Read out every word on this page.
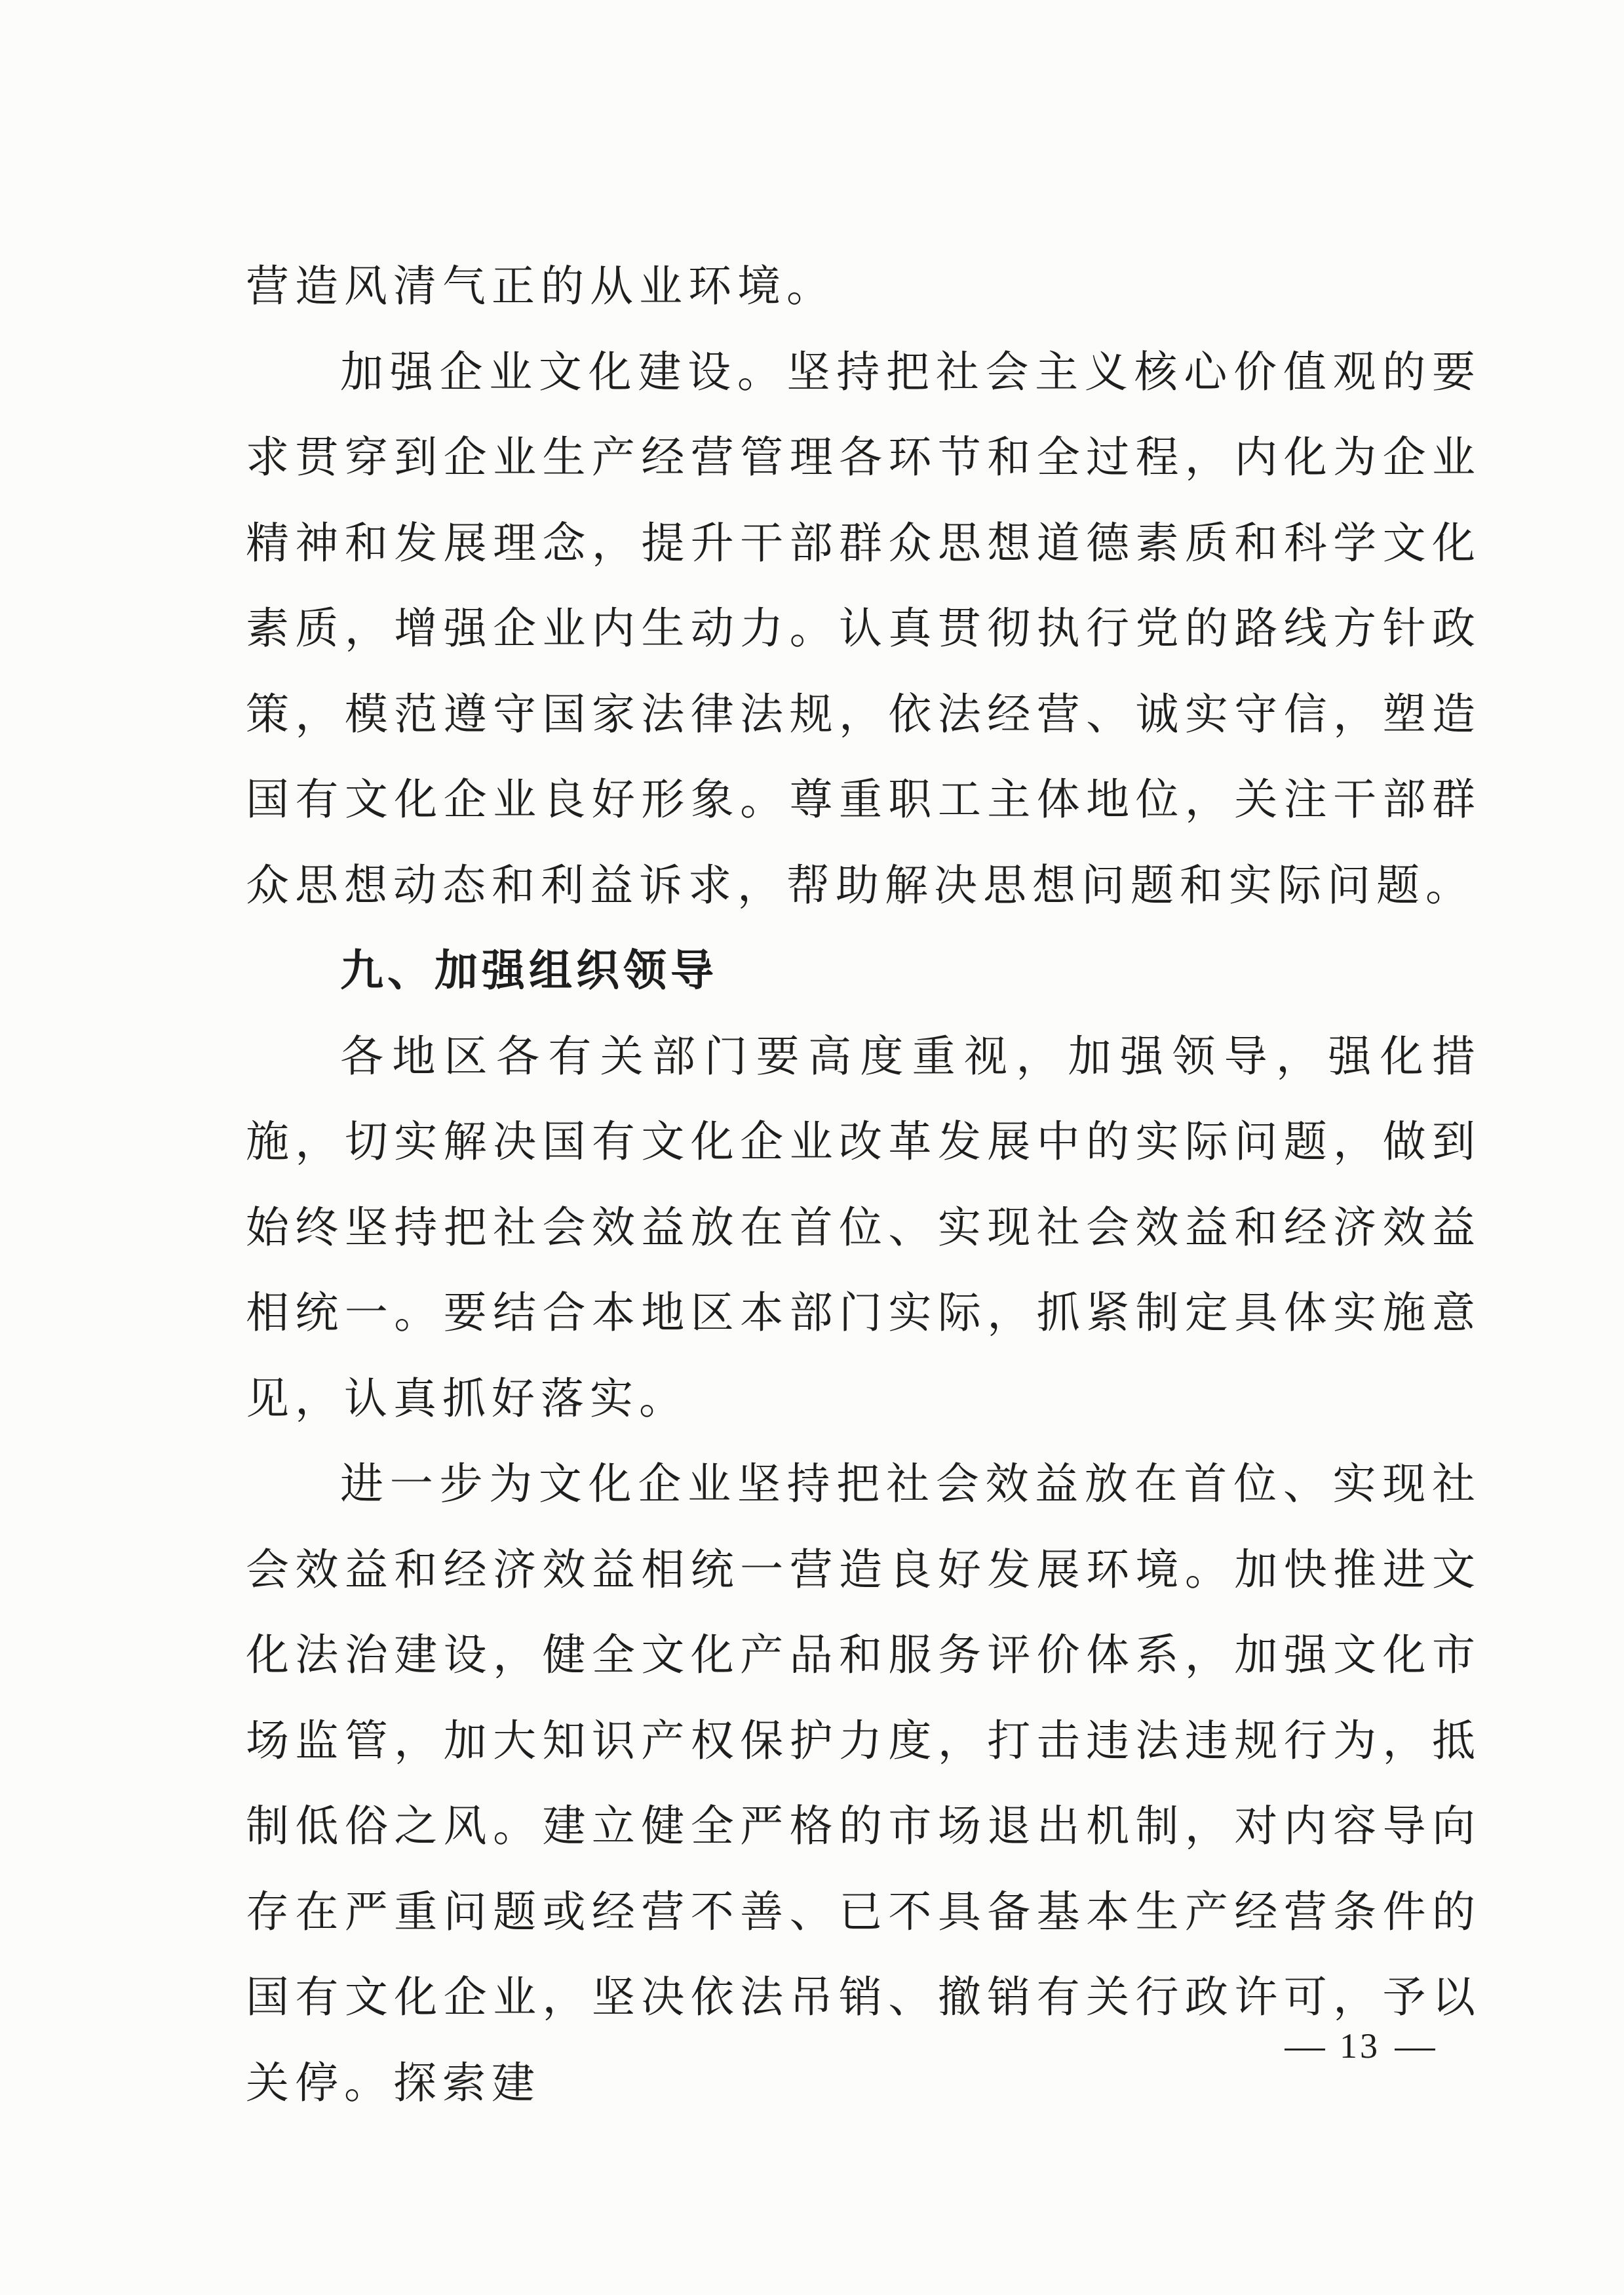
营造风清气正的从业环境。

加强企业文化建设。坚持把社会主义核心价值观的要求贯穿到企业生产经营管理各环节和全过程，内化为企业精神和发展理念，提升干部群众思想道德素质和科学文化素质，增强企业内生动力。认真贯彻执行党的路线方针政策，模范遵守国家法律法规，依法经营、诚实守信，塑造国有文化企业良好形象。尊重职工主体地位，关注干部群众思想动态和利益诉求，帮助解决思想问题和实际问题。

九、加强组织领导

各地区各有关部门要高度重视，加强领导，强化措施，切实解决国有文化企业改革发展中的实际问题，做到始终坚持把社会效益放在首位、实现社会效益和经济效益相统一。要结合本地区本部门实际，抓紧制定具体实施意见，认真抓好落实。

进一步为文化企业坚持把社会效益放在首位、实现社会效益和经济效益相统一营造良好发展环境。加快推进文化法治建设，健全文化产品和服务评价体系，加强文化市场监管，加大知识产权保护力度，打击违法违规行为，抵制低俗之风。建立健全严格的市场退出机制，对内容导向存在严重问题或经营不善、已不具备基本生产经营条件的国有文化企业，坚决依法吊销、撤销有关行政许可，予以关停。探索建

13
